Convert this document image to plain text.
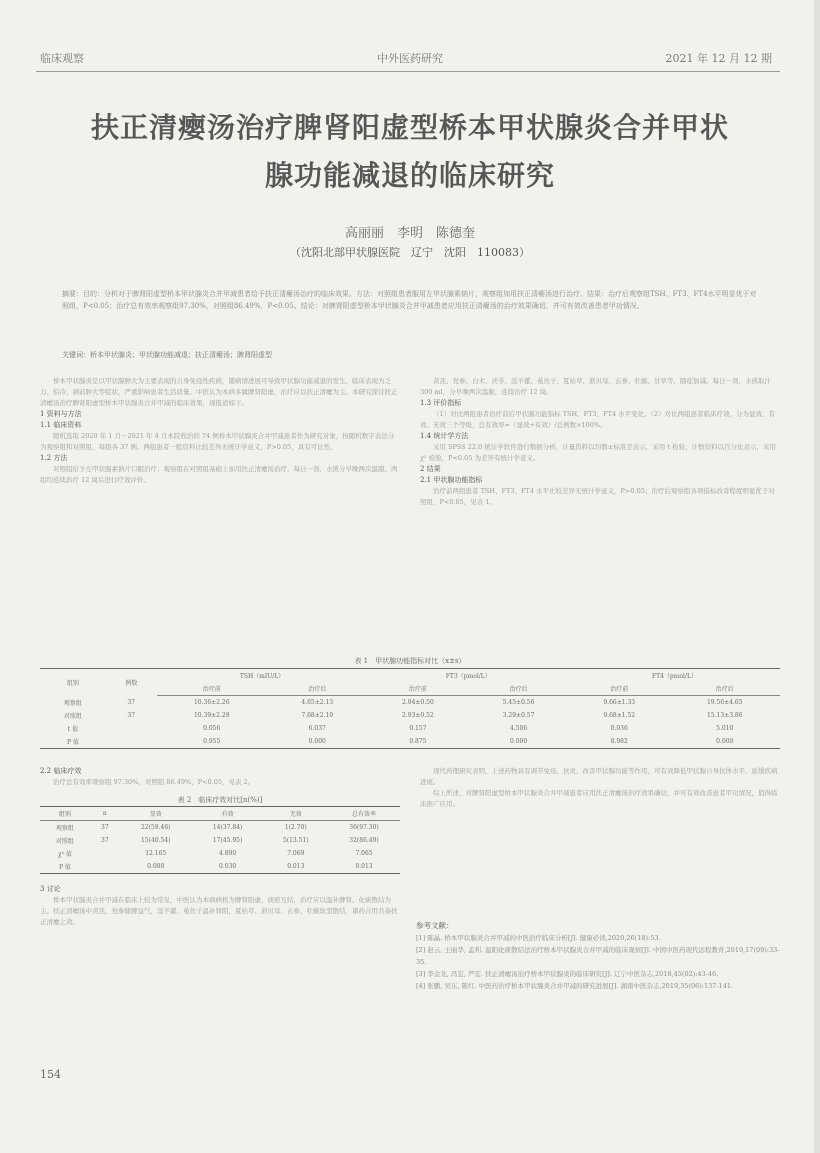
临床观察	中外医药研究	2021 年 12 月 12 期
扶正清瘿汤治疗脾肾阳虚型桥本甲状腺炎合并甲状
腺功能减退的临床研究
高丽丽　李明　陈德奎
（沈阳北部甲状腺医院　辽宁　沈阳　110083）
摘要：目的：分析对于脾肾阳虚型桥本甲状腺炎合并甲减患者给予扶正清瘿汤治疗的临床效果。方法：对照组患者服用左甲状腺素钠片，观察组加用扶正清瘿汤进行治疗。结果：治疗后观察组TSH、FT3、FT4水平明显优于对照组，P<0.05；治疗总有效率观察组97.30%，对照组86.49%，P<0.05。结论：对脾肾阳虚型桥本甲状腺炎合并甲减患者应用扶正清瘿汤的治疗效果确切，并可有效改善患者甲功情况。
关键词：桥本甲状腺炎；甲状腺功能减退；扶正清瘿汤；脾肾阳虚型

桥本甲状腺炎是以甲状腺肿大为主要表现的自身免疫性疾病，随病情进展可导致甲状腺功能减退的发生。临床表现为乏力、怕冷、颈前肿大等症状，严重影响患者生活质量。中医认为本病多属脾肾阳虚，治疗应以扶正清瘿为主。本研究探讨扶正清瘿汤治疗脾肾阳虚型桥本甲状腺炎合并甲减的临床效果，现报道如下。

1 资料与方法
1.1 临床资料

随机选取 2020 年 1 月～2021 年 4 月本院收治的 74 例桥本甲状腺炎合并甲减患者作为研究对象，按随机数字表法分为观察组和对照组，每组各 37 例。两组患者一般资料比较差异无统计学意义，P>0.05，具有可比性。

1.2 方法

对照组给予左甲状腺素钠片口服治疗；观察组在对照组基础上加用扶正清瘿汤治疗，每日一剂，水煎分早晚两次温服。两组均连续治疗 12 周后进行疗效评价。

黄芪、党参、白术、茯苓、淫羊藿、菟丝子、夏枯草、浙贝母、玄参、牡蛎、甘草等，随症加减。每日一剂，水煎取汁 300 ml，分早晚两次温服，连续治疗 12 周。

1.3 评价指标

（1）对比两组患者治疗前后甲状腺功能指标 TSH、FT3、FT4 水平变化。（2）对比两组患者临床疗效，分为显效、有效、无效三个等级，总有效率=（显效+有效）/总例数×100%。

1.4 统计学方法

采用 SPSS 22.0 统计学软件进行数据分析，计量资料以均数±标准差表示，采用 t 检验；计数资料以百分比表示，采用 χ² 检验，P<0.05 为差异有统计学意义。

2 结果
2.1 甲状腺功能指标

治疗前两组患者 TSH、FT3、FT4 水平比较差异无统计学意义，P>0.05；治疗后观察组各项指标改善程度明显优于对照组，P<0.05，见表 1。

表 1　甲状腺功能指标对比（x±s）
组别	例数	TSH（mIU/L）		FT3（pmol/L）		FT4（pmol/L）	
		治疗前	治疗后	治疗前	治疗后	治疗前	治疗后
观察组	37	10.36±2.26	4.65±2.13	2.94±0.50	5.45±0.56	9.66±1.33	19.56±4.65
对照组	37	10.39±2.28	7.68±2.19	2.93±0.52	3.29±0.57	9.68±1.52	15.13±3.86
t 值		0.056	6.037	0.157	4.506	0.036	5.010
P 值		0.955	0.000	0.875	0.000	0.982	0.000
2.2 临床疗效

治疗总有效率观察组 97.30%，对照组 86.49%，P<0.05，见表 2。

表 2　临床疗效对比[n(%)]
组别	n	显效	有效	无效	总有效率
观察组	37	22(59.46)	14(37.84)	1(2.70)	36(97.30)
对照组	37	15(40.54)	17(45.95)	5(13.51)	32(86.49)
χ² 值		12.165	4.890	7.069	7.065
P 值		0.000	0.030	0.013	0.013
3 讨论

桥本甲状腺炎合并甲减在临床上较为常见，中医认为本病病机为脾肾阳虚、痰瘀互结，治疗应以温补脾肾、化痰散结为主。扶正清瘿汤中黄芪、党参健脾益气，淫羊藿、菟丝子温补肾阳，夏枯草、浙贝母、玄参、牡蛎软坚散结，诸药合用共奏扶正清瘿之效。

现代药理研究表明，上述药物具有调节免疫、抗炎、改善甲状腺功能等作用，可有效降低甲状腺自身抗体水平，延缓疾病进展。

综上所述，对脾肾阳虚型桥本甲状腺炎合并甲减患者应用扶正清瘿汤治疗效果确切，并可有效改善患者甲功情况，值得临床推广应用。

参考文献：
[1] 陈晶. 桥本甲状腺炎合并甲减的中医治疗临床分析[J]. 健康必读,2020,26(18):53.
[2] 赵云, 王丽华, 孟利. 温阳化痰散结法治疗桥本甲状腺炎合并甲减的临床观察[J]. 中国中医药现代远程教育,2019,17(09):33-35.
[3] 李金龙, 冯宏, 严宏. 扶正清瘿汤治疗桥本甲状腺炎的临床研究[J]. 辽宁中医杂志,2018,45(02):43-46.
[4] 张鹏, 吴东, 陈红. 中医药治疗桥本甲状腺炎合并甲减的研究进展[J]. 湖南中医杂志,2019,35(06):137-141.
154
